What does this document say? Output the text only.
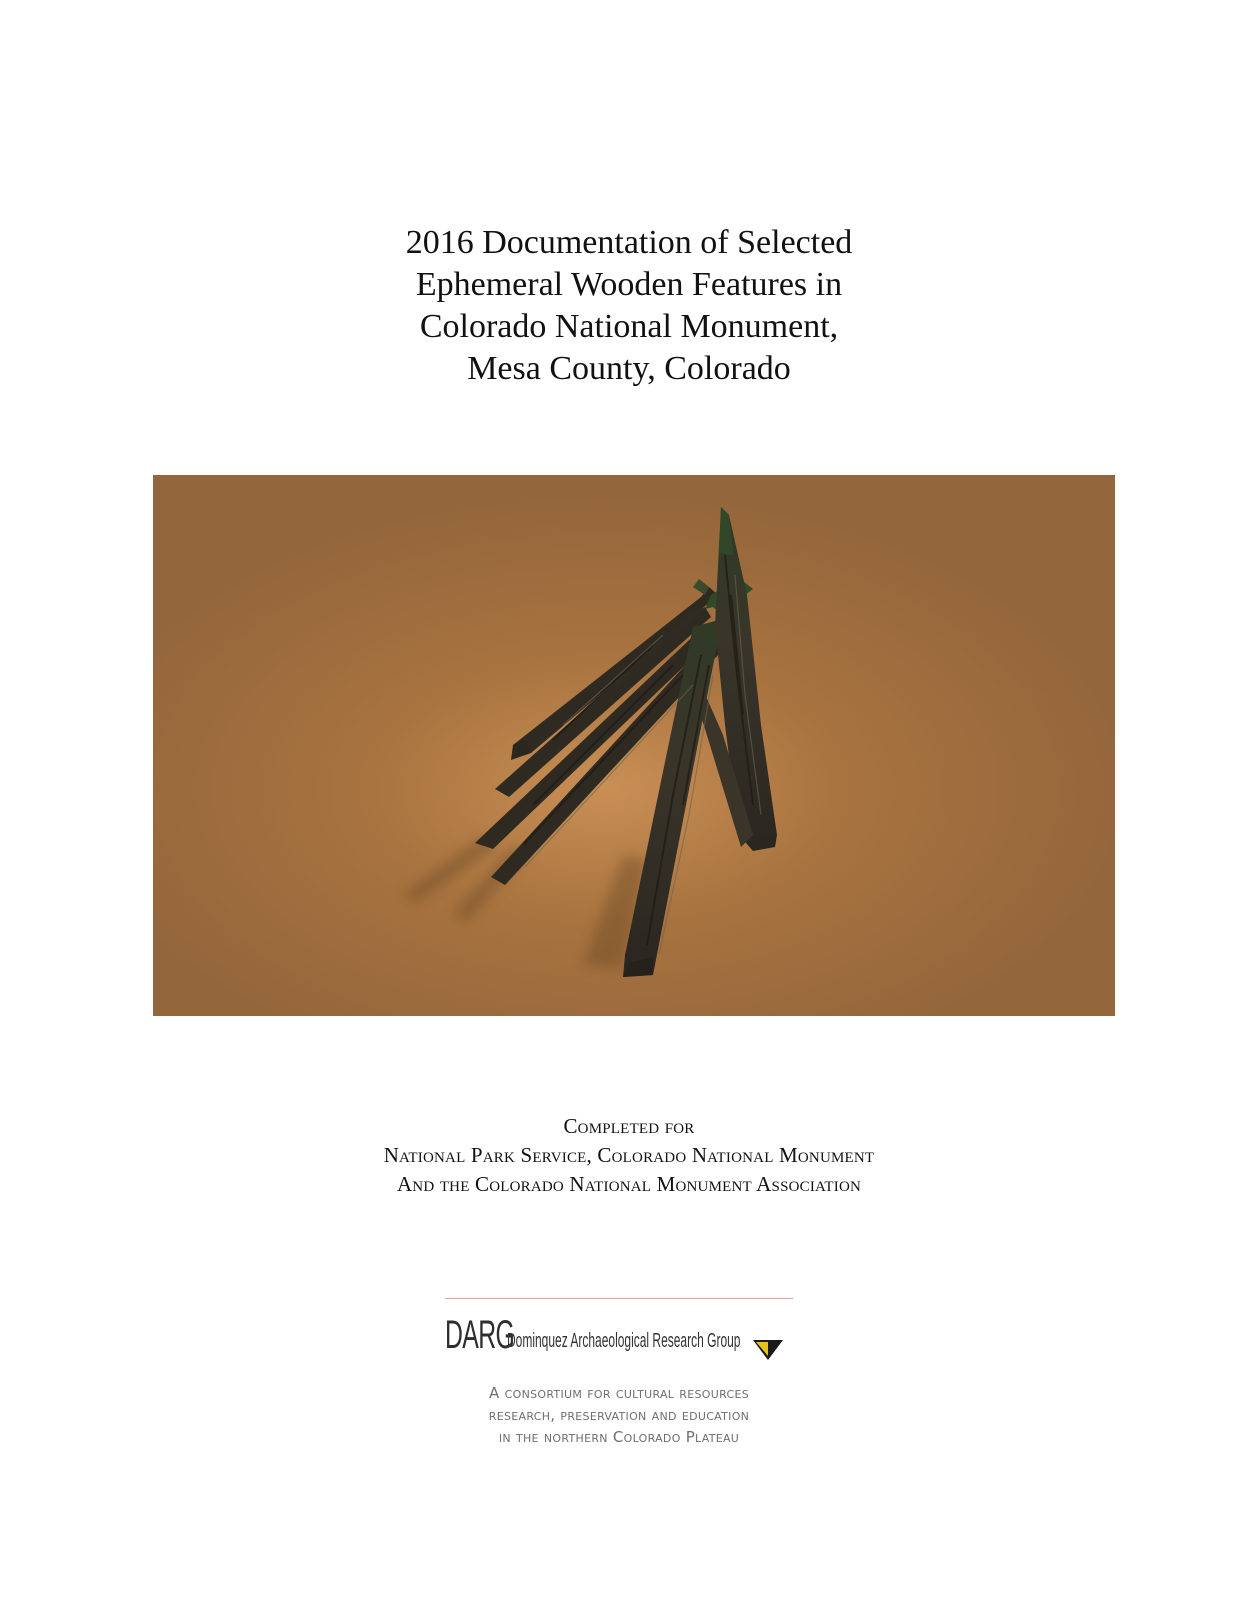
2016 Documentation of Selected
Ephemeral Wooden Features in
Colorado National Monument,
Mesa County, Colorado
Completed for
National Park Service, Colorado National Monument
And the Colorado National Monument Association
DARG
Dominquez Archaeological Research Group
A consortium for cultural resources
research, preservation and education
in the northern Colorado Plateau
